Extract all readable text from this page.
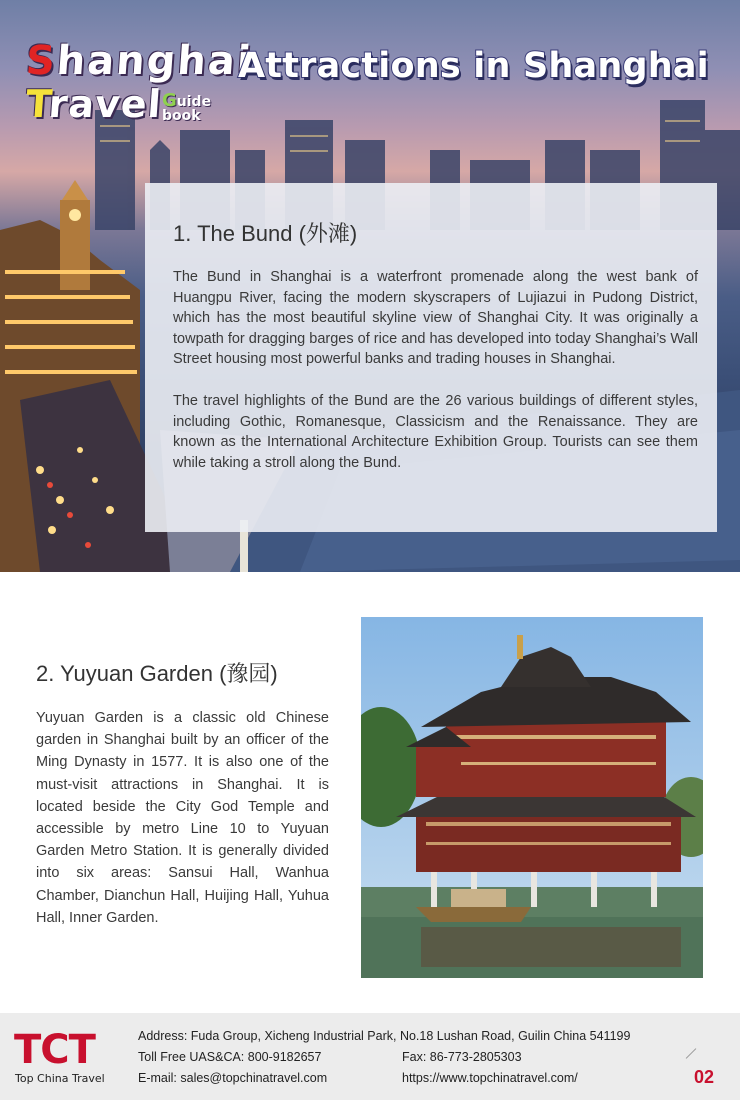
Shanghai
Travel
Guide
book
Attractions in Shanghai
1. The Bund (外滩)

The Bund in Shanghai is a waterfront promenade along the west bank of Huangpu River, facing the modern skyscrapers of Lujiazui in Pudong District, which has the most beautiful skyline view of Shanghai City. It was originally a towpath for dragging barges of rice and has developed into today Shanghai’s Wall Street housing most powerful banks and trading houses in Shanghai.

The travel highlights of the Bund are the 26 various buildings of different styles, including Gothic, Romanesque, Classicism and the Renaissance. They are known as the International Architecture Exhibition Group. Tourists can see them while taking a stroll along the Bund.

2. Yuyuan Garden (豫园)

Yuyuan Garden is a classic old Chinese garden in Shanghai built by an officer of the Ming Dynasty in 1577. It is also one of the must-visit attractions in Shanghai. It is located beside the City God Temple and accessible by metro Line 10 to Yuyuan Garden Metro Station. It is generally divided into six areas: Sansui Hall, Wanhua Chamber, Dianchun Hall, Huijing Hall, Yuhua Hall, Inner Garden.

TCT
Top China Travel
Address: Fuda Group, Xicheng Industrial Park, No.18 Lushan Road, Guilin China 541199
Toll Free UAS&CA: 800-9182657	Fax: 86-773-2805303
E-mail: sales@topchinatravel.com	https://www.topchinatravel.com/	02
